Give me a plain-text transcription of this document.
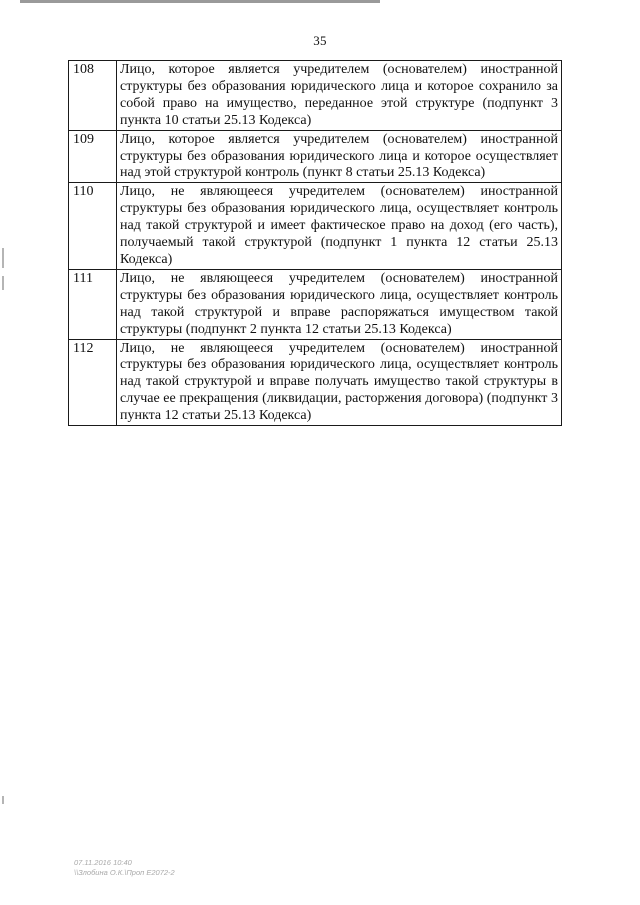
35
108	Лицо, которое является учредителем (основателем) иностранной структуры без образования юридического лица и которое сохранило за собой право на имущество, переданное этой структуре (подпункт 3 пункта 10 статьи 25.13 Кодекса)
109	Лицо, которое является учредителем (основателем) иностранной структуры без образования юридического лица и которое осуществляет над этой структурой контроль (пункт 8 статьи 25.13 Кодекса)
110	Лицо, не являющееся учредителем (основателем) иностранной структуры без образования юридического лица, осуществляет контроль над такой структурой и имеет фактическое право на доход (его часть), получаемый такой структурой (подпункт 1 пункта 12 статьи 25.13 Кодекса)
111	Лицо, не являющееся учредителем (основателем) иностранной структуры без образования юридического лица, осуществляет контроль над такой структурой и вправе распоряжаться имуществом такой структуры (подпункт 2 пункта 12 статьи 25.13 Кодекса)
112	Лицо, не являющееся учредителем (основателем) иностранной структуры без образования юридического лица, осуществляет контроль над такой структурой и вправе получать имущество такой структуры в случае ее прекращения (ликвидации, расторжения договора) (подпункт 3 пункта 12 статьи 25.13 Кодекса)
07.11.2016 10:40
\\Злобина О.К.\Проп Е2072-2
